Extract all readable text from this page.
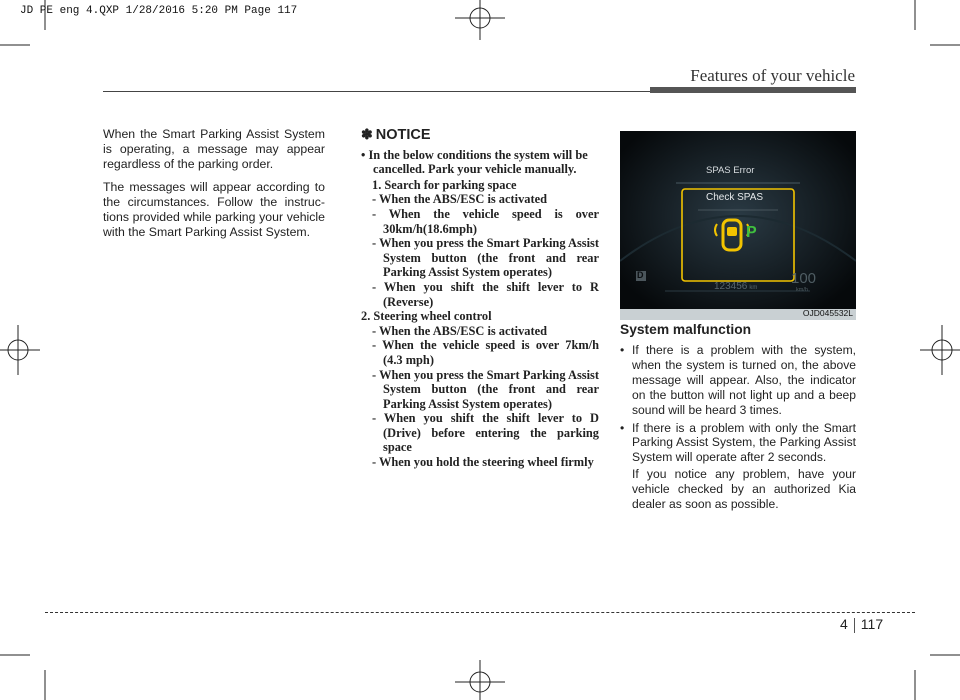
JD PE eng 4.QXP 1/28/2016 5:20 PM Page 117
Features of your vehicle

When the Smart Parking Assist System is operating, a message may appear regardless of the parking order.

The messages will appear according to the circumstances. Follow the instruc- tions provided while parking your vehicle with the Smart Parking Assist System.

✽ NOTICE
• In the below conditions the system will be cancelled. Park your vehicle manually.
1. Search for parking space
- When the ABS/ESC is activated
- When the vehicle speed is over 30km/h(18.6mph)
- When you press the Smart Parking Assist System button (the front and rear Parking Assist System operates)
- When you shift the shift lever to R (Reverse)
2. Steering wheel control
- When the ABS/ESC is activated
- When the vehicle speed is over 7km/h (4.3 mph)
- When you press the Smart Parking Assist System button (the front and rear Parking Assist System operates)
- When you shift the shift lever to D (Drive) before entering the parking space
- When you hold the steering wheel firmly
SPAS Error
Check SPAS
P
D
123456 km
100
km/h
OJD045532L
System malfunction
• If there is a problem with the system, when the system is turned on, the above message will appear. Also, the indicator on the button will not light up and a beep sound will be heard 3 times.
• If there is a problem with only the Smart Parking Assist System, the Parking Assist System will operate after 2 seconds.
If you notice any problem, have your vehicle checked by an authorized Kia dealer as soon as possible.
4 117
